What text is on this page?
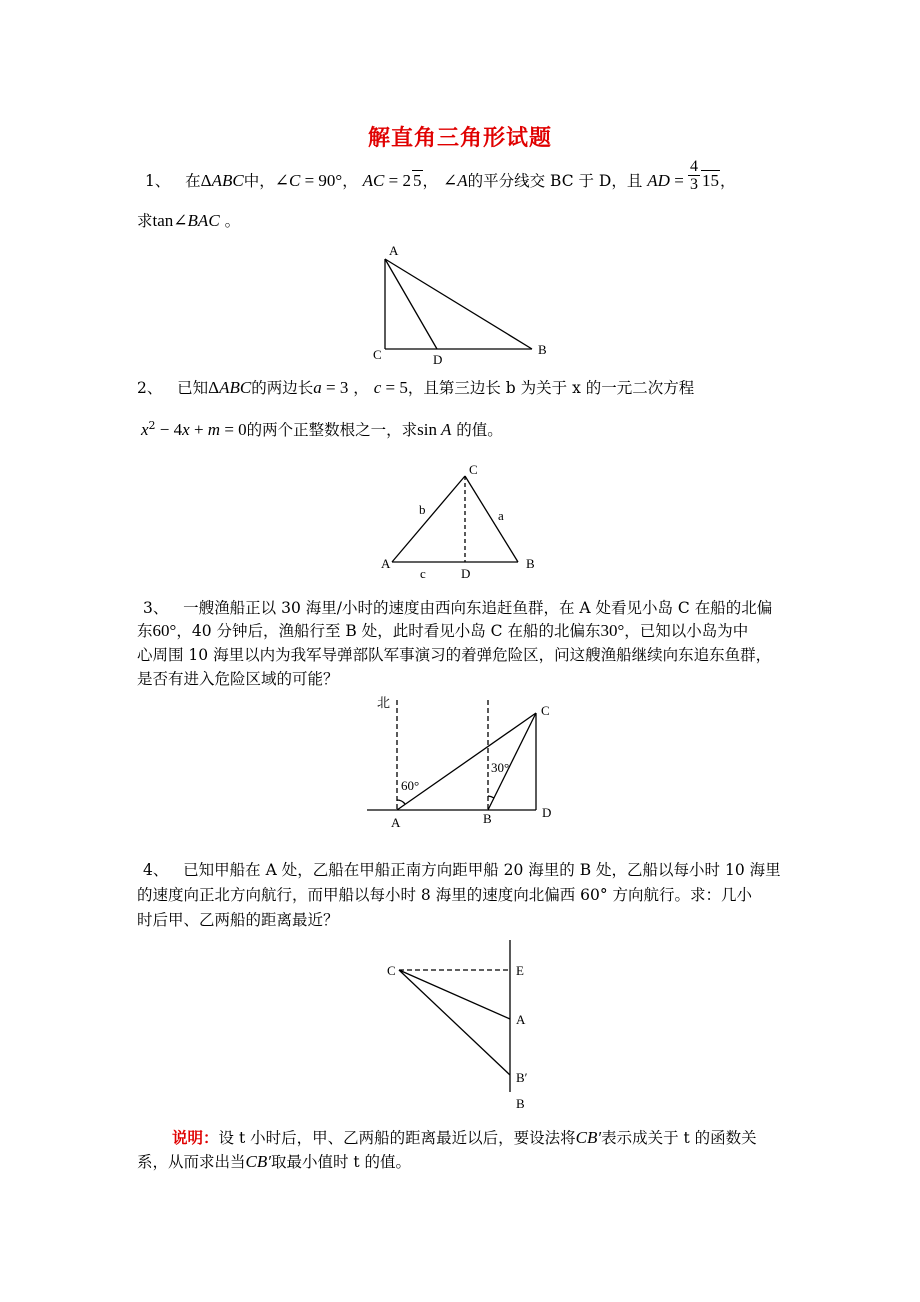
解直角三角形试题
1、 在ΔABC中，∠C = 90°， AC = 2 5， ∠A的平分线交 BC 于 D，且 AD = $\frac{4}{3} 15$，
求tan∠BAC 。
A
C	D
B
2、 已知ΔABC的两边长a = 3 ， c = 5，且第三边长 b 为关于 x 的一元二次方程
$x^2 - 4x + m = 0$的两个正整数根之一，求sin A 的值。
C
b	a
A	B
c	D
3、 一艘渔船正以 30 海里/小时的速度由西向东追赶鱼群，在 A 处看见小岛 C 在船的北偏
东60°，40 分钟后，渔船行至 B 处，此时看见小岛 C 在船的北偏东30°，已知以小岛为中
心周围 10 海里以内为我军导弹部队军事演习的着弹危险区，问这艘渔船继续向东追东鱼群，
是否有进入危险区域的可能？
北
C
30°
60°
A	B	D
4、 已知甲船在 A 处，乙船在甲船正南方向距甲船 20 海里的 B 处，乙船以每小时 10 海里
的速度向正北方向航行，而甲船以每小时 8 海里的速度向北偏西 60° 方向航行。求：几小
时后甲、乙两船的距离最近？
C	E
A
B′
B
说明：设 t 小时后，甲、乙两船的距离最近以后，要设法将CB′表示成关于 t 的函数关
系，从而求出当CB′取最小值时 t 的值。
